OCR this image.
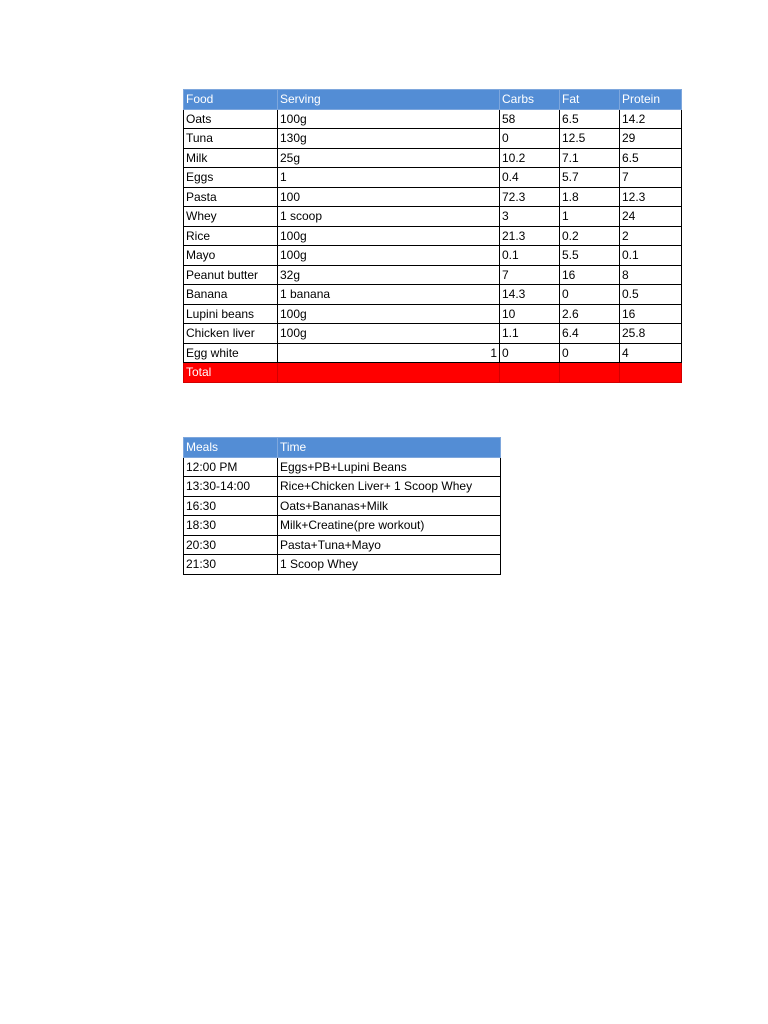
Food	Serving	Carbs	Fat	Protein
Oats	100g	58	6.5	14.2
Tuna	130g	0	12.5	29
Milk	25g	10.2	7.1	6.5
Eggs	1	0.4	5.7	7
Pasta	100	72.3	1.8	12.3
Whey	1 scoop	3	1	24
Rice	100g	21.3	0.2	2
Mayo	100g	0.1	5.5	0.1
Peanut butter	32g	7	16	8
Banana	1 banana	14.3	0	0.5
Lupini beans	100g	10	2.6	16
Chicken liver	100g	1.1	6.4	25.8
Egg white	1	0	0	4
Total				
Meals	Time
12:00 PM	Eggs+PB+Lupini Beans
13:30-14:00	Rice+Chicken Liver+ 1 Scoop Whey
16:30	Oats+Bananas+Milk
18:30	Milk+Creatine(pre workout)
20:30	Pasta+Tuna+Mayo
21:30	1 Scoop Whey
